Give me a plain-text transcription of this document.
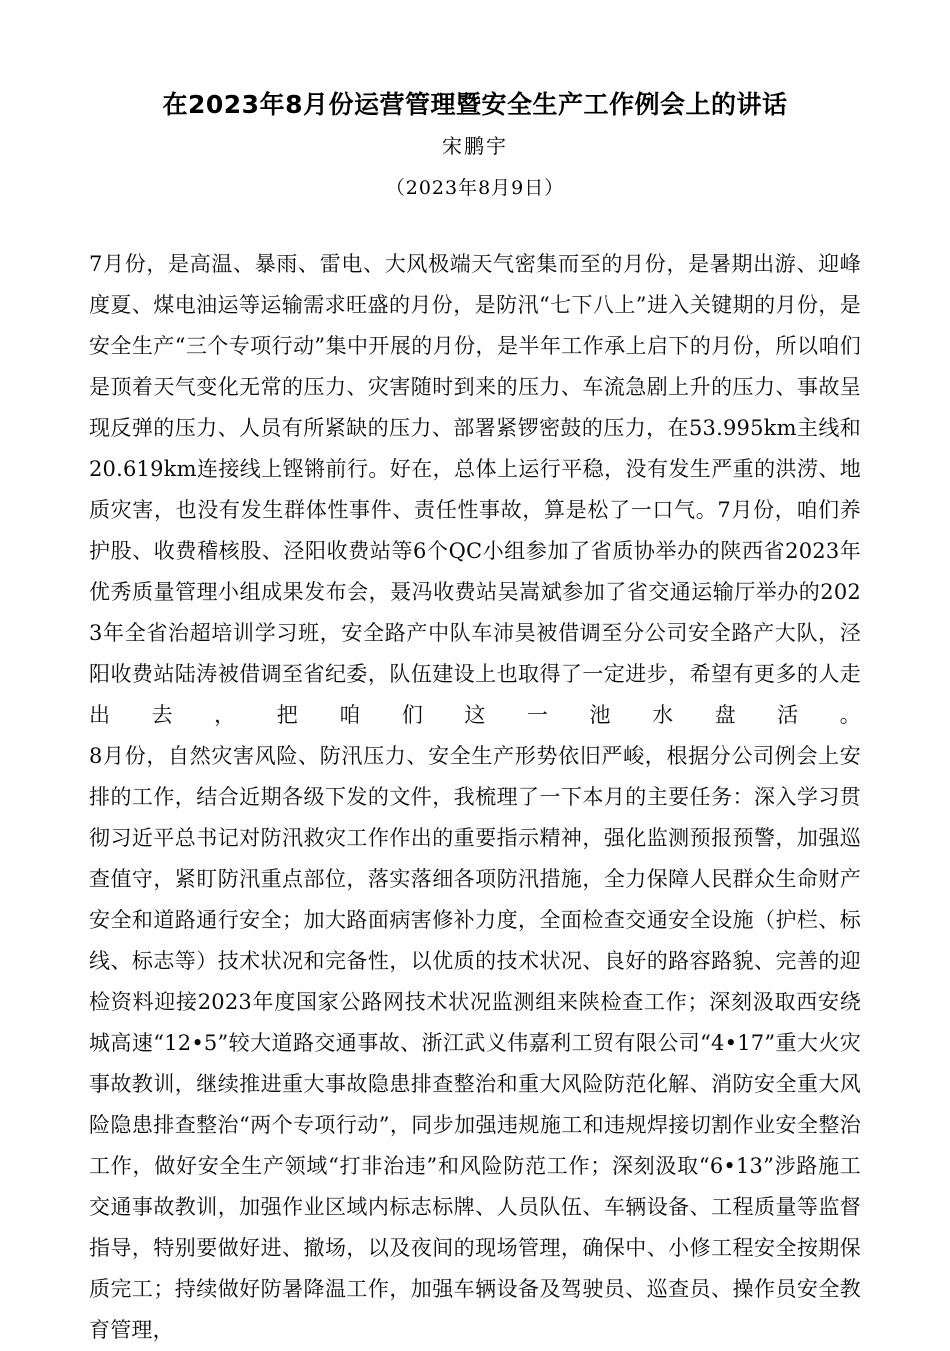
在2023年8月份运营管理暨安全生产工作例会上的讲话
宋鹏宇
（2023年8月9日）

7月份，是高温、暴雨、雷电、大风极端天气密集而至的月份，是暑期出游、迎峰度夏、煤电油运等运输需求旺盛的月份，是防汛“七下八上”进入关键期的月份，是安全生产“三个专项行动”集中开展的月份，是半年工作承上启下的月份，所以咱们是顶着天气变化无常的压力、灾害随时到来的压力、车流急剧上升的压力、事故呈现反弹的压力、人员有所紧缺的压力、部署紧锣密鼓的压力，在53.995km主线和20.619km连接线上铿锵前行。好在，总体上运行平稳，没有发生严重的洪涝、地质灾害，也没有发生群体性事件、责任性事故，算是松了一口气。7月份，咱们养护股、收费稽核股、泾阳收费站等6个QC小组参加了省质协举办的陕西省2023年优秀质量管理小组成果发布会，聂冯收费站吴嵩斌参加了省交通运输厅举办的2023年全省治超培训学习班，安全路产中队车沛昊被借调至分公司安全路产大队，泾阳收费站陆涛被借调至省纪委，队伍建设上也取得了一定进步，希望有更多的人走出去，把咱们这一池水盘活。

8月份，自然灾害风险、防汛压力、安全生产形势依旧严峻，根据分公司例会上安排的工作，结合近期各级下发的文件，我梳理了一下本月的主要任务：深入学习贯彻习近平总书记对防汛救灾工作作出的重要指示精神，强化监测预报预警，加强巡查值守，紧盯防汛重点部位，落实落细各项防汛措施，全力保障人民群众生命财产安全和道路通行安全；加大路面病害修补力度，全面检查交通安全设施（护栏、标线、标志等）技术状况和完备性，以优质的技术状况、良好的路容路貌、完善的迎检资料迎接2023年度国家公路网技术状况监测组来陕检查工作；深刻汲取西安绕城高速“12•5”较大道路交通事故、浙江武义伟嘉利工贸有限公司“4•17”重大火灾事故教训，继续推进重大事故隐患排查整治和重大风险防范化解、消防安全重大风险隐患排查整治“两个专项行动”，同步加强违规施工和违规焊接切割作业安全整治工作，做好安全生产领域“打非治违”和风险防范工作；深刻汲取“6•13”涉路施工交通事故教训，加强作业区域内标志标牌、人员队伍、车辆设备、工程质量等监督指导，特别要做好进、撤场，以及夜间的现场管理，确保中、小修工程安全按期保质完工；持续做好防暑降温工作，加强车辆设备及驾驶员、巡查员、操作员安全教育管理，
